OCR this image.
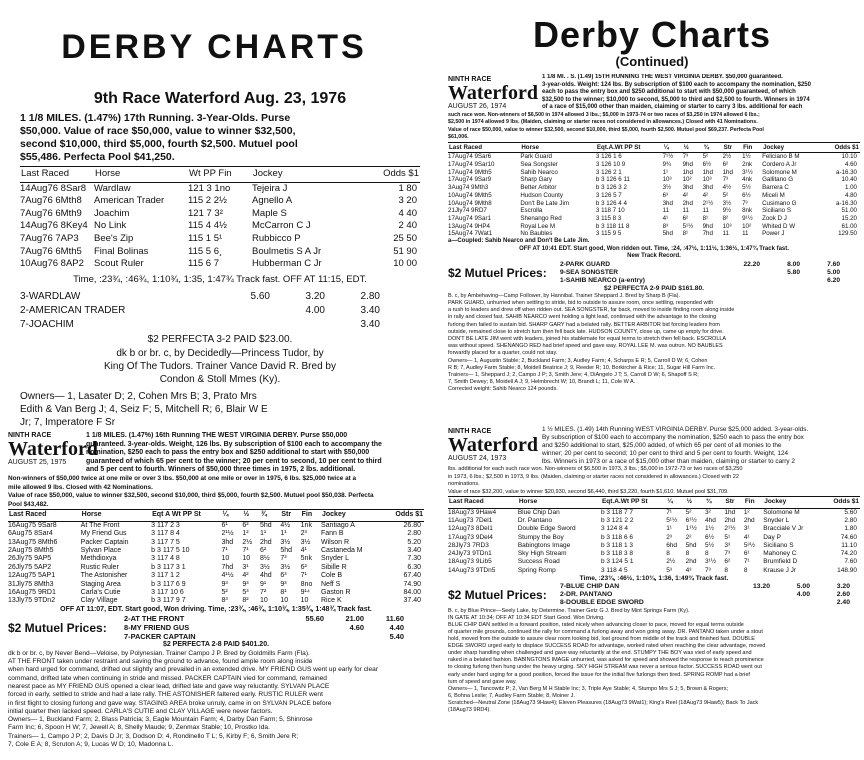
DERBY CHARTS
9th Race Waterford Aug. 23, 1976
1 1/8 MILES. (1.47%) 17th Running. 3-Year-Olds. Purse
$50,000. Value of race $50,000, value to winner $32,500,
second $10,000, third $5,000, fourth $2,500. Mutuel pool
$55,486. Perfecta Pool $41,250.
Last Raced	Horse	Wt PP Fin	Jockey	Odds $1
14Aug76 8Sar8	Wardlaw	121 3 1no	Tejeira J	1 80
7Aug76 6Mth8	American Trader	115 2 2½	Agnello A	3 20
7Aug76 6Mth9	Joachim	121 7 3²	Maple S	4 40
14Aug76 8Key4	No Link	115 4 4½	McCarron C J	2 40
7Aug76 7AP3	Bee's Zip	115 1 5¹	Rubbicco P	25 50
7Aug76 6Mth5	Final Bolinas	115 5 6¸	Boulmetis S A Jr	51 90
10Aug76 8AP2	Scout Ruler	115 6 7	Hubberman C Jr	10 00
Time, :23¾, :46¾, 1:10¾, 1:35, 1:47¾ Track fast. OFF AT 11:15, EDT.
3-WARDLAW	5.60	3.20	2.80
2-AMERICAN TRADER		4.00	3.40
7-JOACHIM			3.40
$2 PERFECTA 3-2 PAID $23.00.
dk b or br. c, by Decidedly—Princess Tudor, by
King Of The Tudors. Trainer Vance David R. Bred by
Condon & Stoll Mmes (Ky).
Owners— 1, Lasater D; 2, Cohen Mrs B; 3, Prato Mrs
Edith & Van Berg J; 4, Seiz F; 5, Mitchell R; 6, Blair W E
Jr; 7, Imperatore F Sr
NINTH RACE
Waterford
AUGUST 25, 1975
1 1/8 MILES. (1.47%) 16th Running THE WEST VIRGINIA DERBY. Purse $50,000
guaranteed. 3-year-olds. Weight, 126 lbs. By subscription of $100 each to accompany the
nomination, $250 each to pass the entry box and $250 additional to start with $50,000
guaranteed of which 65 per cent to the winner; 20 per cent to second, 10 per cent to third
and 5 per cent to fourth. Winners of $50,000 three times in 1975, 2 lbs. additional.
Non-winners of $50,000 twice at one mile or over 3 lbs. $50,000 at one mile or over in 1975, 6 lbs. $25,000 twice at a
mile allowed 9 lbs. Closed with 42 Nominations.
Value of race $50,000, value to winner $32,500, second $10,000, third $5,000, fourth $2,500. Mutuel pool $50,038. Perfecta
Pool $43,482.
Last Raced	Horse	Eqt A Wt PP St	¼	½	¾	Str	Fin	Jockey	Odds $1
16Aug75 9Sar8	At The Front	3 117 2 3	6¹	6²	5hd	4½	1nk	Santiago A	26.80
6Aug75 8Sar4	My Friend Gus	3 117 8 4	2¹½	1²	1¹	1¹	2³	Fann B	2.80
13Aug75 8Mth6	Packer Captain	3 117 7 5	3hd	2½	2hd	3½	3½	Wilson R	5.20
2Aug75 8Mth5	Sylvan Place	b 3 117 5 10	7¹	7¹	6²	5hd	4¹	Castaneda M	3.40
26Jly75 9AP5	Methdioxya	3 117 4 8	10	10	8½	7³	5nk	Snyder L	7.30
26Jly75 5AP2	Rustic Ruler	b 3 117 3 1	7hd	3¹	3½	3½	6²	Sibille R	6.30
12Aug75 5AP1	The Astonisher	3 117 1 2	4¹½	4²	4hd	6³	7¹	Cole B	67.40
31Jly75 8Mth3	Staging Area	b 3 117 6 9	9³	9³	9¹	9³	8no	Neff S	74.90
16Aug75 9RD1	Carla's Cutie	3 117 10 6	5²	5³	7²	8¹	9¹⁴	Gaston R	84.00
13Jly75 9TDn2	Clay Village	b 3 117 9 7	8³	8²	10	10	10	Rice K	37.40
OFF AT 11:07, EDT. Start good, Won driving. Time, :23¾, :46¾, 1:10¾, 1:35¾, 1:48¾ Track fast.
$2 Mutuel Prices:
2-AT THE FRONT	55.60	21.00	11.60
8-MY FRIEND GUS		4.60	4.40
7-PACKER CAPTAIN			5.40
$2 PERFECTA 2-8 PAID $401.20.
dk b or br. c, by Never Bend—Veloise, by Polynesian. Trainer Campo J P. Bred by Goldmills Farm (Fla).
AT THE FRONT taken under restraint and saving the ground to advance, found ample room along inside
when hard urged for command, drifted out slightly and prevailed in an extended drive. MY FRIEND GUS went up early for clear
command, drifted late when continuing in stride and missed. PACKER CAPTAIN vied for command, remained
nearest pace as MY FRIEND GUS opened a clear lead, drifted late and gave way reluctantly. SYLVAN PLACE
forced in early, settled to stride and had a late rally. THE ASTONISHER faltered early. RUSTIC RULER went
in first flight to closing furlong and gave way. STAGING AREA broke unruly, came in on SYLVAN PLACE before
initial quarter then lacked speed. CARLA'S CUTIE and CLAY VILLAGE were never factors.
Owners— 1, Buckland Farm; 2, Blass Patricia; 3, Eagle Mountain Farm; 4, Darby Dan Farm; 5, Shinrose
Farm Inc; 6, Spoon H W; 7, Jewell A; 8, Shelly Maude; 9, Zenmax Stable; 10, Prostko Ida.
Trainers— 1, Campo J P; 2, Davis D Jr; 3, Dodson D; 4, Rondinello T L; 5, Kirby F; 6, Smith Jere R;
7, Cole E A; 8, Scruton A; 9, Lucas W D; 10, Madonna L.
Derby Charts
(Continued)
NINTH RACE
Waterford
AUGUST 26, 1974
1 1/8 MI. . S. (1.49) 15TH RUNNING THE WEST VIRGINIA DERBY. $50,000 guaranteed.
3-year-olds. Weight: 124 lbs. By subscription of $100 each to accompany the nomination, $250
each to pass the entry box and $250 additional to start with $50,000 guaranteed, of which
$32,500 to the winner; $10,000 to second, $5,000 to third and $2,500 to fourth. Winners in 1974
of a race of $15,000 other than maiden, claiming or starter to carry 3 lbs. additional for each
such race won. Non-winners of $6,500 in 1974 allowed 3 lbs.; $5,000 in 1973-74 or two races of $3,250 in 1974 allowed 6 lbs.;
$2,500 in 1974 allowed 9 lbs. (Maiden, claiming or starter races not considered in allowances.) Closed with 41 Nominations.
Value of race $50,000, value to winner $32,500, second $10,000, third $5,000, fourth $2,500. Mutuel pool $69,237. Perfecta Pool
$61,006.
Last Raced	Horse	Eqt.A.Wt PP St	¼	½	¾	Str	Fin	Jockey	Odds $1
17Aug74 9Sar6	Park Guard	3 126 1 6	7¹½	7³	5²	2½	1½	Feliciano B M	10.10
17Aug74 9Sar10	Sea Songster	3 126 10 9	9¾	9hd	6½	6²	2nk	Cordero A Jr	4.60
17Aug74 9Mth5	Sahib Nearco	3 126 2 1	1¹	1hd	1hd	1hd	3¹½	Solomone M	a-16.30
17Aug74 9Sar9	Sharp Gary	b 3 126 6 11	10³	10²	10³	7³	4nk	Gallitano G	10.40
3Aug74 9Mth3	Better Arbitor	b 3 126 3 2	3½	3hd	3hd	4½	5½	Barrera C	1.00
10Aug74 9Mth5	Hudson County	3 126 5 7	6³	4²	4²	5²	6½	Miceli M	4.80
10Aug74 9Mth8	Don't Be Late Jim	b 3 126 4 4	3hd	2hd	2¹½	3½	7³	Cusimano G	a-16.30
21Jly74 9RD7	Escrolla	3 118 7 10	11	11	11	9½	8nk	Siciliano S	51.00
17Aug74 9Sar1	Shenango Red	3 115 8 3	4¹	6²	8¹	8²	9¹½	Zook D J	15.20
13Aug74 9HP4	Royal Lee M	b 3 118 11 8	8³	5¹½	9hd	10³	10²	Whited D W	61.00
15Aug74 7Wat1	No Baubles	3 115 9 5	5hd	8¹	7hd	11	11	Power J	129.50
a—Coupled: Sahib Nearco and Don't Be Late Jim.
OFF AT 10:41 EDT. Start good, Won ridden out. Time, :24, :47½, 1:11½, 1:36½, 1:47¾ Track fast.
New Track Record.
$2 Mutuel Prices:
2-PARK GUARD	22.20	8.00	7.60
9-SEA SONGSTER		5.80	5.00
1-SAHIB NEARCO (a-entry)			6.20
$2 PERFECTA 2-9 PAID $161.80.
B. c, by Ambehaving—Camp Follower, by Hannibal. Trainer Sheppard J. Bred by Sharp B (Fla).
PARK GUARD, unhurried when settling to stride, bid to outside to assure room, once settling, responded with
a rush to leaders and drew off when ridden out. SEA SONGSTER, far back, moved to inside finding room along inside
in rally and closed fast. SAHIB NEARCO went holding a light lead, continued with the advantage to the closing
furlong then failed to sustain bid. SHARP GARY had a belated rally. BETTER ARBITOR bid forcing leaders from
outside, remained close to stretch turn then fell back late. HUDSON COUNTY, close up, came up empty for drive.
DON'T BE LATE JIM went with leaders, joined his stablemate for equal terms to stretch then fell back. ESCROLLA
was without speed. SHENANGO RED had brief speed and gave way. ROYAL LEE M. was outrun. NO BAUBLES
forwardly placed for a quarter, could not stay.
Owners— 1, Augustin Stable; 2, Buckland Farm; 3, Audley Farm; 4, Scharps E R; 5, Carroll D W; 6, Cohen
R B; 7, Audley Farm Stable; 8, Moidell Beatrice J; 9, Reeder R; 10, Borkircher & Rice; 11, Sugar Hill Farm Inc.
Trainers— 1, Sheppard J; 2, Campo J P; 3, Smith Jere; 4, DiAngelo J T; 5, Carroll D W; 6, Shapoff S R;
7, Smith Dewey; 8, Moidell A J; 9, Helmbrecht W; 10, Brandt L; 11, Cole W A.
Corrected weight: Sahib Nearco 124 pounds.
NINTH RACE
Waterford
AUGUST 24, 1973
1 ½ MILES. (1.49) 14th Running WEST VIRGINIA DERBY. Purse $25,000 added. 3-year-olds.
By subscription of $100 each to accompany the nomination, $250 each to pass the entry box
and $250 additional to start, $25,000 added, of which 65 per cent of all monies to the
winner; 20 per cent to second; 10 per cent to third and 5 per cent to fourth. Weight, 124
lbs. Winners in 1973 or a race of $15,000 other than maiden, claiming or starter to carry 2
lbs. additional for each such race won. Non-winners of $6,500 in 1973, 3 lbs.; $5,000 in 1972-73 or two races of $3,250
in 1973, 6 lbs.; $2,500 in 1973, 9 lbs. (Maiden, claiming or starter races not considered in allowances.) Closed with 22
nominations.
Value of race $32,200, value to winner $20,930, second $6,440, third $3,220, fourth $1,610. Mutuel pool $31,709.
Last Raced	Horse	Eqt.A.Wt PP St	¼	½	¾	Str	Fin	Jockey	Odds $1
18Aug73 9Haw4	Blue Chip Dan	b 3 118 7 7	7¹	5²	3²	1hd	1²	Solomone M	5.60
11Aug73 7Del1	Dr. Pantano	b 3 121 2 2	5¹½	6¹½	4hd	2hd	2hd	Snyder L	2.80
12Aug73 8Del1	Double Edge Sword	3 124 8 4	1¹	1¹½	1½	2¹½	3¹	Bracciale V Jr	1.80
17Aug73 9Del4	Stumpy the Boy	b 3 118 6 6	2³	2²	6½	5¹	4¹	Day P	74.60
28Jly73 7RD3	Babingtons Image	b 3 118 1 3	6hd	5hd	5½	3³	5³½	Siciliano S	11.10
24Jly73 9TDn1	Sky High Stream	b 3 118 3 8	8	8	8	7³	6¹	Mahoney C	74.20
18Aug73 9Lib5	Success Road	b 3 124 5 1	2½	2hd	3¹½	6²	7¹	Brumfield D	7.60
14Aug73 9TDn5	Spring Romp	3 118 4 5	5³	4³	7³	8	8	Krause J Jr	148.90
Time, :23¾, :46½, 1:10¾, 1:36, 1:49¾ Track fast.
$2 Mutuel Prices:
7-BLUE CHIP DAN	13.20	5.00	3.20
2-DR. PANTANO		4.00	2.60
8-DOUBLE EDGE SWORD			2.40
B. c, by Blue Prince—Seely Lake, by Determine. Trainer Getz G J. Bred by Mint Springs Farm (Ky).
IN GATE AT 10:34; OFF AT 10:34 EDT Start Good. Won Driving.
BLUE CHIP DAN settled in a forward position, rated nicely when advancing closer to pace, moved for equal terms outside
of quarter mile grounds, continued the rally for command a furlong away and won going away. DR. PANTANO taken under a stout
hold, moved from the outside to assure clear room looking bid, lost ground from middle of the track and finished fast. DOUBLE
EDGE SWORD urged early to displace SUCCESS ROAD for advantage, worked rated when reaching the clear advantage, moved
under sharp handling when challenged and gave way reluctantly at the end. STUMPY THE BOY was vied of early speed and
raked in a belated fashion. BABINGTONS IMAGE unhurried, was asked for speed and showed the response to reach prominence
to closing furlong then hung under the heavy urging. SKY HIGH STREAM was never a serious factor. SUCCESS ROAD went out
early under hard urging for a good position, forced the issue for the initial five furlongs then tired. SPRING ROMP had a brief
turn of speed and gave way.
Owners— 1, Tancowitz P; 2, Van Berg M H Stable Inc; 3, Triple Aye Stable; 4, Stumpo Mrs S J; 5, Brown & Rogers;
6, Bohna Leslie; 7, Audley Farm Stable; 8, Moiner J.
Scratched—Neutral Zone (18Aug73 9Haw4); Eleven Pleasures (18Aug73 9Wat1); King's Reel (18Aug73 9Haw5); Back To Jack
(18Aug73 9RD4).
